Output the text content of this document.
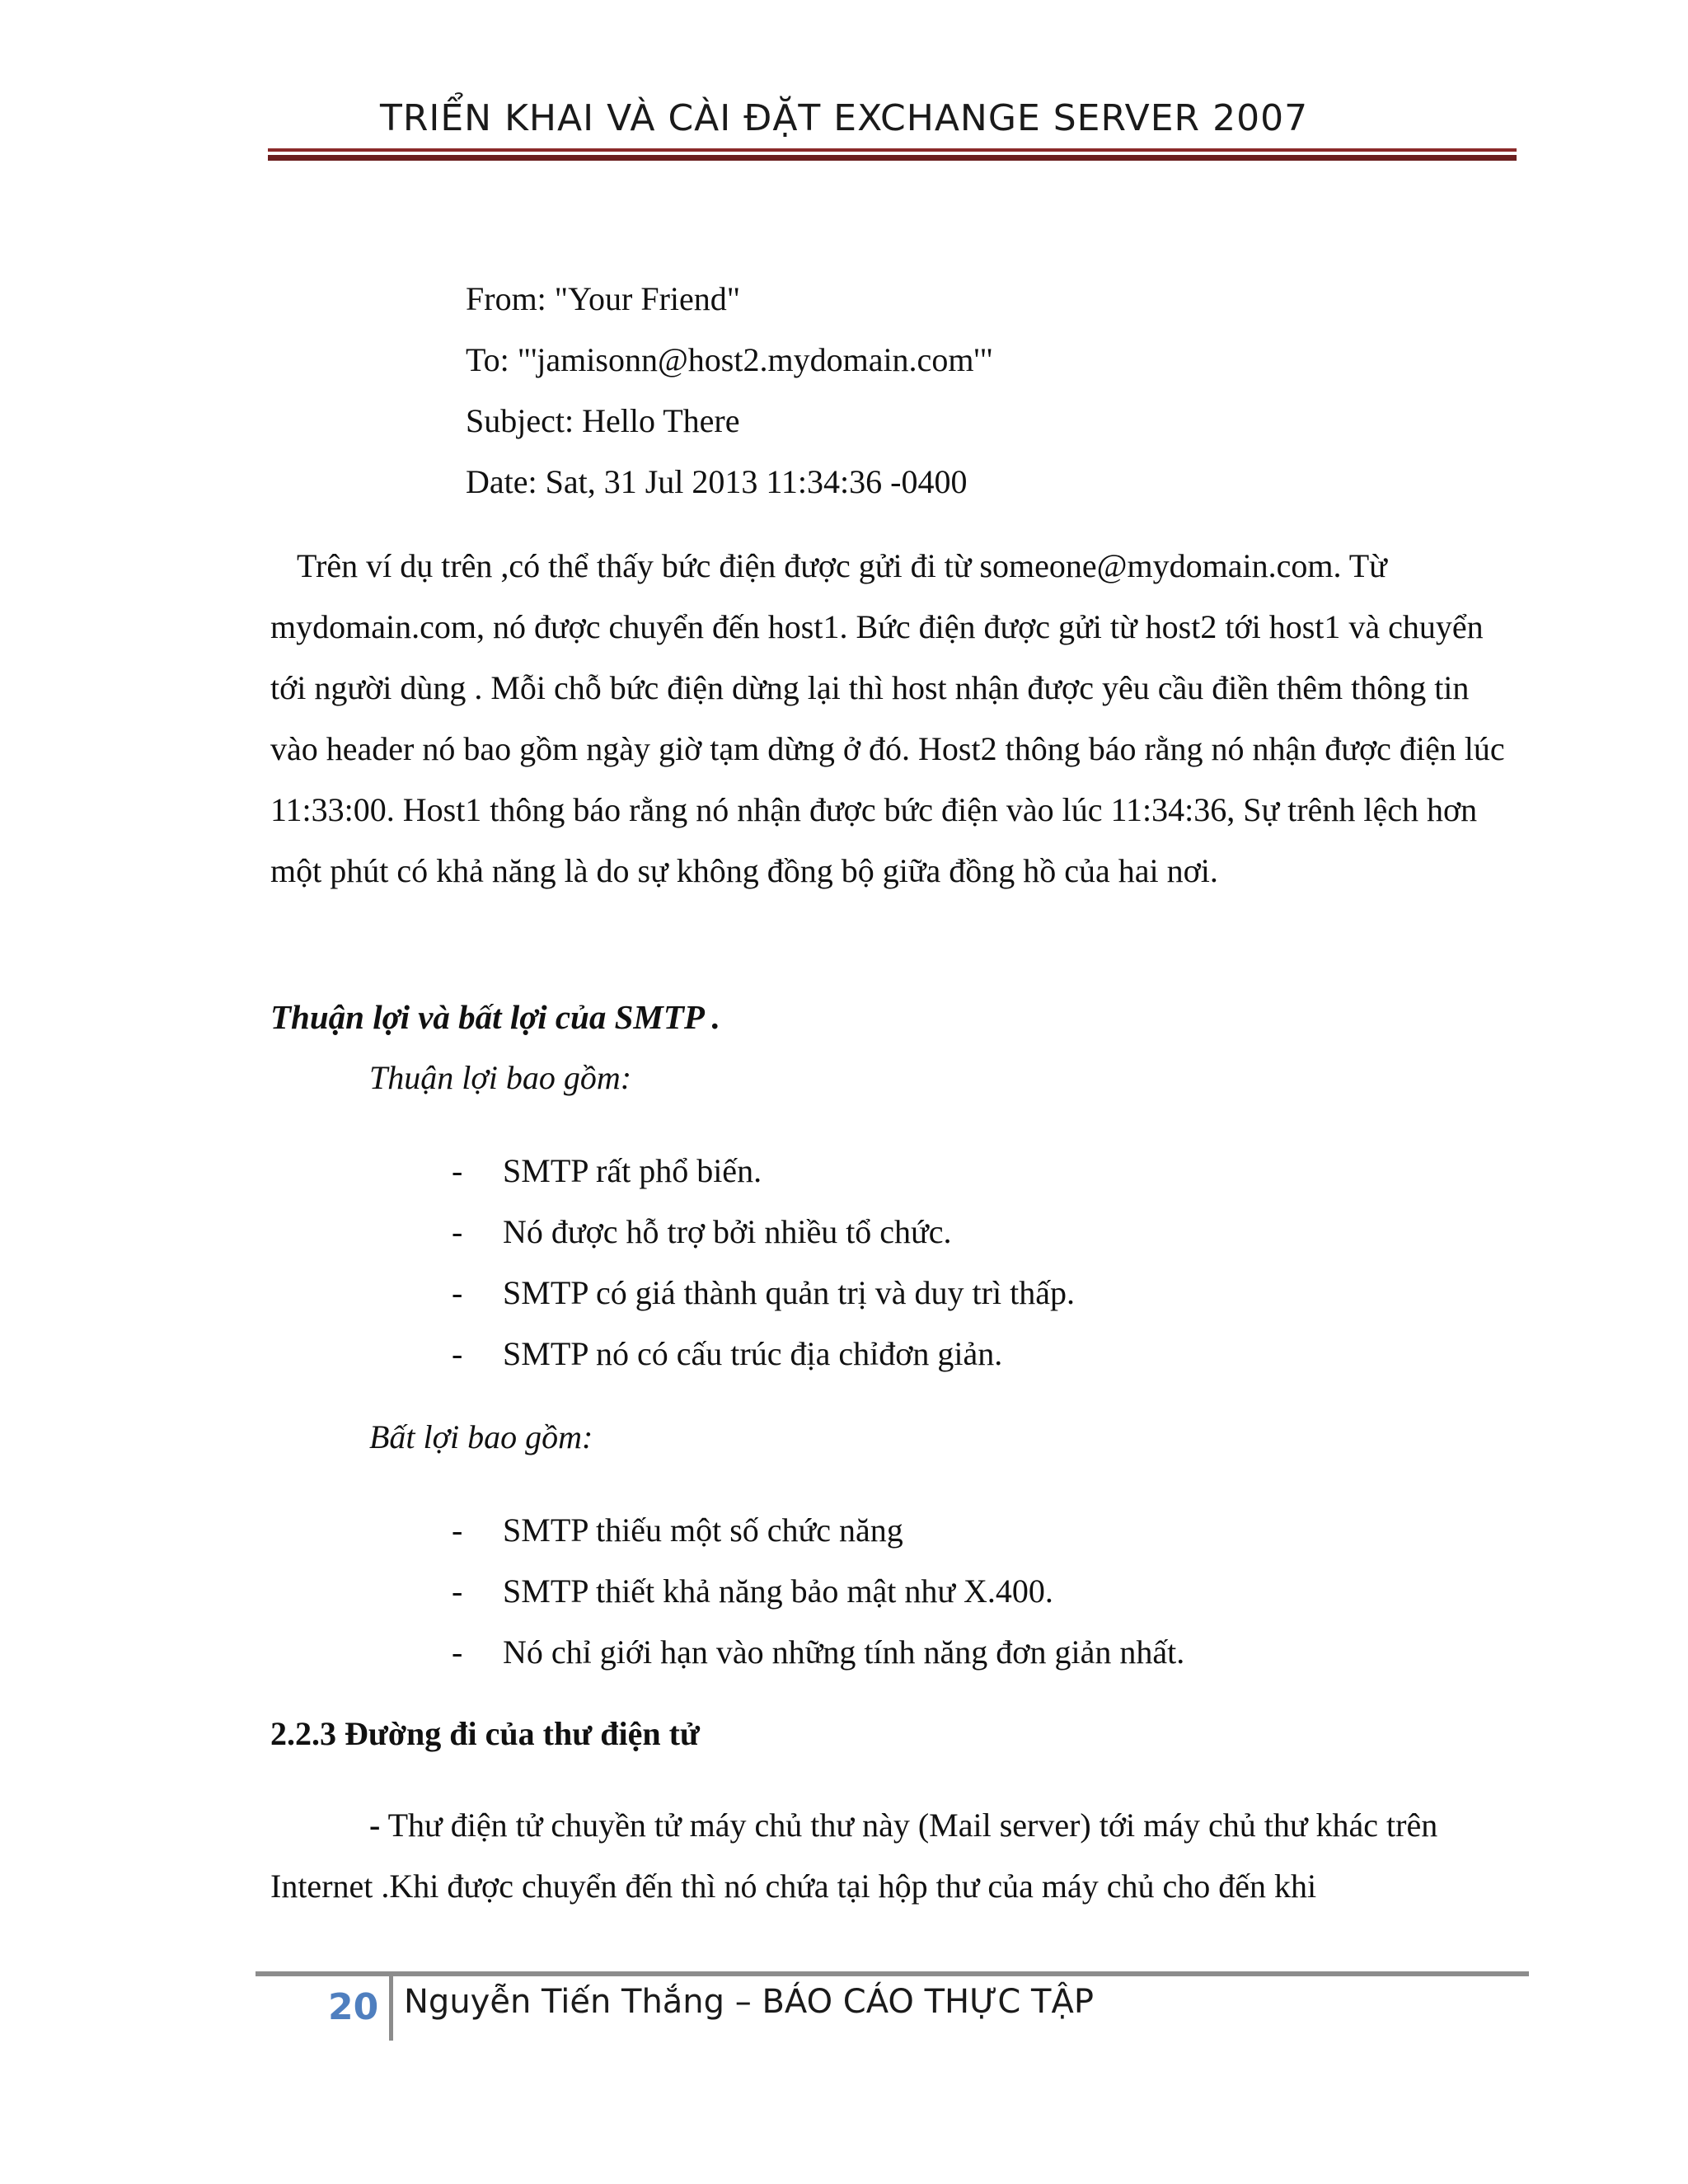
TRIỂN KHAI VÀ CÀI ĐẶT EXCHANGE SERVER 2007
From: "Your Friend"
To: "'jamisonn@host2.mydomain.com'"
Subject: Hello There
Date: Sat, 31 Jul 2013 11:34:36 -0400
Trên ví dụ trên ,có thể thấy bức điện được gửi đi từ someone@mydomain.com. Từ mydomain.com, nó được chuyển đến host1. Bức điện được gửi từ host2 tới host1 và chuyển tới người dùng . Mỗi chỗ bức điện dừng lại thì host nhận được yêu cầu điền thêm thông tin vào header nó bao gồm ngày giờ tạm dừng ở đó. Host2 thông báo rằng nó nhận được điện lúc 11:33:00. Host1 thông báo rằng nó nhận được bức điện vào lúc 11:34:36, Sự trênh lệch hơn một phút có khả năng là do sự không đồng bộ giữa đồng hồ của hai nơi.
Thuận lợi và bất lợi của SMTP .
Thuận lợi bao gồm:
- SMTP rất phổ biến.
- Nó được hỗ trợ bởi nhiều tổ chức.
- SMTP có giá thành quản trị và duy trì thấp.
- SMTP nó có cấu trúc địa chỉđơn giản.
Bất lợi bao gồm:
- SMTP thiếu một số chức năng
- SMTP thiết khả năng bảo mật như X.400.
- Nó chỉ giới hạn vào những tính năng đơn giản nhất.
2.2.3 Đường đi của thư điện tử
- Thư điện tử chuyền tử máy chủ thư này (Mail server) tới máy chủ thư khác trên Internet .Khi được chuyển đến thì nó chứa tại hộp thư của máy chủ cho đến khi
20 Nguyễn Tiến Thắng – BÁO CÁO THỰC TẬP
